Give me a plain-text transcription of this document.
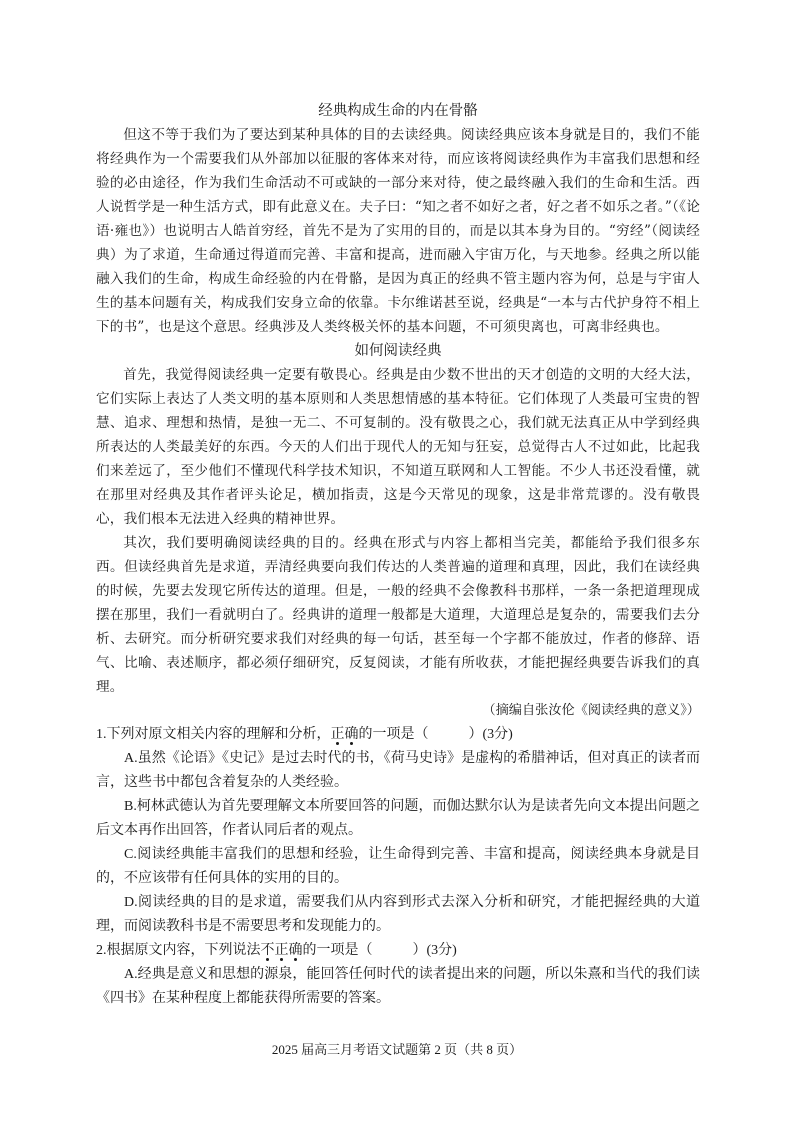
经典构成生命的内在骨骼

但这不等于我们为了要达到某种具体的目的去读经典。阅读经典应该本身就是目的，我们不能将经典作为一个需要我们从外部加以征服的客体来对待，而应该将阅读经典作为丰富我们思想和经验的必由途径，作为我们生命活动不可或缺的一部分来对待，使之最终融入我们的生命和生活。西人说哲学是一种生活方式，即有此意义在。夫子曰：“知之者不如好之者，好之者不如乐之者。”（《论语·雍也》）也说明古人皓首穷经，首先不是为了实用的目的，而是以其本身为目的。“穷经”（阅读经典）为了求道，生命通过得道而完善、丰富和提高，进而融入宇宙万化，与天地参。经典之所以能融入我们的生命，构成生命经验的内在骨骼，是因为真正的经典不管主题内容为何，总是与宇宙人生的基本问题有关，构成我们安身立命的依靠。卡尔维诺甚至说，经典是“一本与古代护身符不相上下的书”，也是这个意思。经典涉及人类终极关怀的基本问题，不可须臾离也，可离非经典也。

如何阅读经典

首先，我觉得阅读经典一定要有敬畏心。经典是由少数不世出的天才创造的文明的大经大法，它们实际上表达了人类文明的基本原则和人类思想情感的基本特征。它们体现了人类最可宝贵的智慧、追求、理想和热情，是独一无二、不可复制的。没有敬畏之心，我们就无法真正从中学到经典所表达的人类最美好的东西。今天的人们出于现代人的无知与狂妄，总觉得古人不过如此，比起我们来差远了，至少他们不懂现代科学技术知识，不知道互联网和人工智能。不少人书还没看懂，就在那里对经典及其作者评头论足，横加指责，这是今天常见的现象，这是非常荒谬的。没有敬畏心，我们根本无法进入经典的精神世界。

其次，我们要明确阅读经典的目的。经典在形式与内容上都相当完美，都能给予我们很多东西。但读经典首先是求道，弄清经典要向我们传达的人类普遍的道理和真理，因此，我们在读经典的时候，先要去发现它所传达的道理。但是，一般的经典不会像教科书那样，一条一条把道理现成摆在那里，我们一看就明白了。经典讲的道理一般都是大道理，大道理总是复杂的，需要我们去分析、去研究。而分析研究要求我们对经典的每一句话，甚至每一个字都不能放过，作者的修辞、语气、比喻、表述顺序，都必须仔细研究，反复阅读，才能有所收获，才能把握经典要告诉我们的真理。

（摘编自张汝伦《阅读经典的意义》）

1.下列对原文相关内容的理解和分析，正确的一项是（	）(3分)

A.虽然《论语》《史记》是过去时代的书，《荷马史诗》是虚构的希腊神话，但对真正的读者而言，这些书中都包含着复杂的人类经验。

B.柯林武德认为首先要理解文本所要回答的问题，而伽达默尔认为是读者先向文本提出问题之后文本再作出回答，作者认同后者的观点。

C.阅读经典能丰富我们的思想和经验，让生命得到完善、丰富和提高，阅读经典本身就是目的，不应该带有任何具体的实用的目的。

D.阅读经典的目的是求道，需要我们从内容到形式去深入分析和研究，才能把握经典的大道理，而阅读教科书是不需要思考和发现能力的。

2.根据原文内容，下列说法不正确的一项是（	）(3分)

A.经典是意义和思想的源泉，能回答任何时代的读者提出来的问题，所以朱熹和当代的我们读《四书》在某种程度上都能获得所需要的答案。

2025 届高三月考语文试题第 2 页（共 8 页）
